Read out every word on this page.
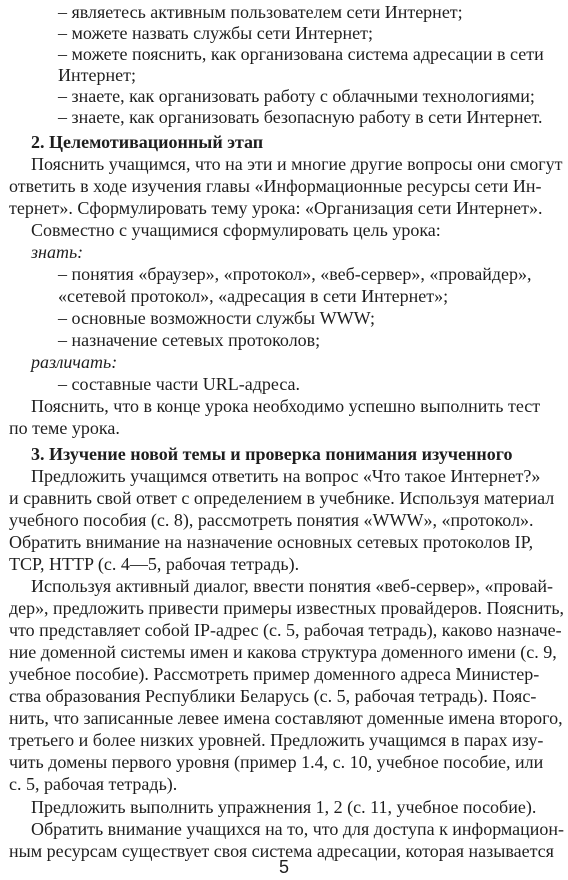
– являетесь активным пользователем сети Интернет;
– можете назвать службы сети Интернет;
– можете пояснить, как организована система адресации в сети
Интернет;
– знаете, как организовать работу с облачными технологиями;
– знаете, как организовать безопасную работу в сети Интернет.
2. Целемотивационный этап
Пояснить учащимся, что на эти и многие другие вопросы они смогут
ответить в ходе изучения главы «Информационные ресурсы сети Ин-
тернет». Сформулировать тему урока: «Организация сети Интернет».
Совместно с учащимися сформулировать цель урока:
знать:
– понятия «браузер», «протокол», «веб-сервер», «провайдер»,
«сетевой протокол», «адресация в сети Интернет»;
– основные возможности службы WWW;
– назначение сетевых протоколов;
различать:
– составные части URL-адреса.
Пояснить, что в конце урока необходимо успешно выполнить тест
по теме урока.
3. Изучение новой темы и проверка понимания изученного
Предложить учащимся ответить на вопрос «Что такое Интернет?»
и сравнить свой ответ с определением в учебнике. Используя материал
учебного пособия (с. 8), рассмотреть понятия «WWW», «протокол».
Обратить внимание на назначение основных сетевых протоколов IP,
TCP, HTTP (с. 4—5, рабочая тетрадь).
Используя активный диалог, ввести понятия «веб-сервер», «провай-
дер», предложить привести примеры известных провайдеров. Пояснить,
что представляет собой IP-адрес (с. 5, рабочая тетрадь), каково назначе-
ние доменной системы имен и какова структура доменного имени (с. 9,
учебное пособие). Рассмотреть пример доменного адреса Министер-
ства образования Республики Беларусь (с. 5, рабочая тетрадь). Пояс-
нить, что записанные левее имена составляют доменные имена второго,
третьего и более низких уровней. Предложить учащимся в парах изу-
чить домены первого уровня (пример 1.4, с. 10, учебное пособие, или
с. 5, рабочая тетрадь).
Предложить выполнить упражнения 1, 2 (с. 11, учебное пособие).
Обратить внимание учащихся на то, что для доступа к информацион-
ным ресурсам существует своя система адресации, которая называется
5
